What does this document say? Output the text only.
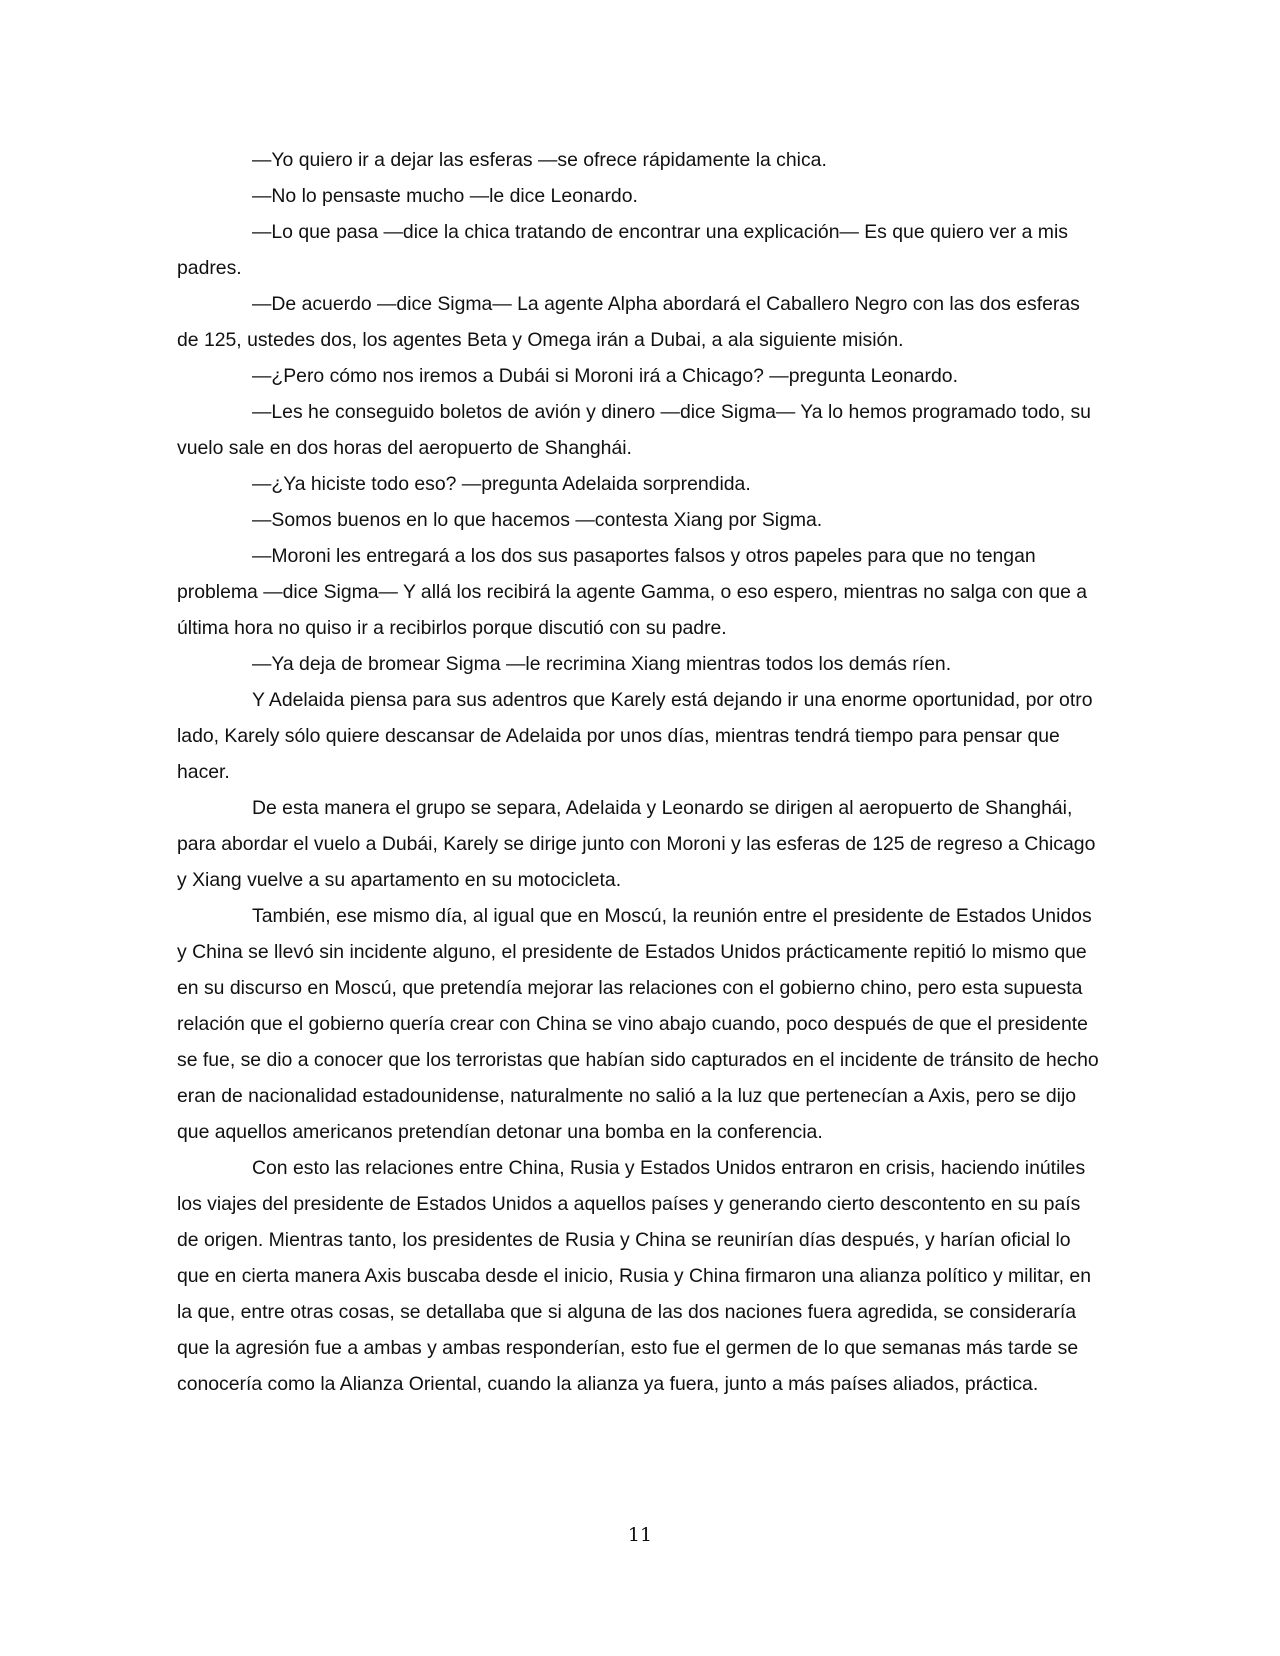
—Yo quiero ir a dejar las esferas —se ofrece rápidamente la chica.

—No lo pensaste mucho —le dice Leonardo.

—Lo que pasa —dice la chica tratando de encontrar una explicación— Es que quiero ver a mis padres.

—De acuerdo —dice Sigma— La agente Alpha abordará el Caballero Negro con las dos esferas de 125, ustedes dos, los agentes Beta y Omega irán a Dubai, a ala siguiente misión.

—¿Pero cómo nos iremos a Dubái si Moroni irá a Chicago? —pregunta Leonardo.

—Les he conseguido boletos de avión y dinero —dice Sigma— Ya lo hemos programado todo, su vuelo sale en dos horas del aeropuerto de Shanghái.

—¿Ya hiciste todo eso? —pregunta Adelaida sorprendida.

—Somos buenos en lo que hacemos —contesta Xiang por Sigma.

—Moroni les entregará a los dos sus pasaportes falsos y otros papeles para que no tengan problema —dice Sigma— Y allá los recibirá la agente Gamma, o eso espero, mientras no salga con que a última hora no quiso ir a recibirlos porque discutió con su padre.

—Ya deja de bromear Sigma —le recrimina Xiang mientras todos los demás ríen.

Y Adelaida piensa para sus adentros que Karely está dejando ir una enorme oportunidad, por otro lado, Karely sólo quiere descansar de Adelaida por unos días, mientras tendrá tiempo para pensar que hacer.

De esta manera el grupo se separa, Adelaida y Leonardo se dirigen al aeropuerto de Shanghái, para abordar el vuelo a Dubái, Karely se dirige junto con Moroni y las esferas de 125 de regreso a Chicago y Xiang vuelve a su apartamento en su motocicleta.

También, ese mismo día, al igual que en Moscú, la reunión entre el presidente de Estados Unidos y China se llevó sin incidente alguno, el presidente de Estados Unidos prácticamente repitió lo mismo que en su discurso en Moscú, que pretendía mejorar las relaciones con el gobierno chino, pero esta supuesta relación que el gobierno quería crear con China se vino abajo cuando, poco después de que el presidente se fue, se dio a conocer que los terroristas que habían sido capturados en el incidente de tránsito de hecho eran de nacionalidad estadounidense, naturalmente no salió a la luz que pertenecían a Axis, pero se dijo que aquellos americanos pretendían detonar una bomba en la conferencia.

Con esto las relaciones entre China, Rusia y Estados Unidos entraron en crisis, haciendo inútiles los viajes del presidente de Estados Unidos a aquellos países y generando cierto descontento en su país de origen. Mientras tanto, los presidentes de Rusia y China se reunirían días después, y harían oficial lo que en cierta manera Axis buscaba desde el inicio, Rusia y China firmaron una alianza político y militar, en la que, entre otras cosas, se detallaba que si alguna de las dos naciones fuera agredida, se consideraría que la agresión fue a ambas y ambas responderían, esto fue el germen de lo que semanas más tarde se conocería como la Alianza Oriental, cuando la alianza ya fuera, junto a más países aliados, práctica.

11
